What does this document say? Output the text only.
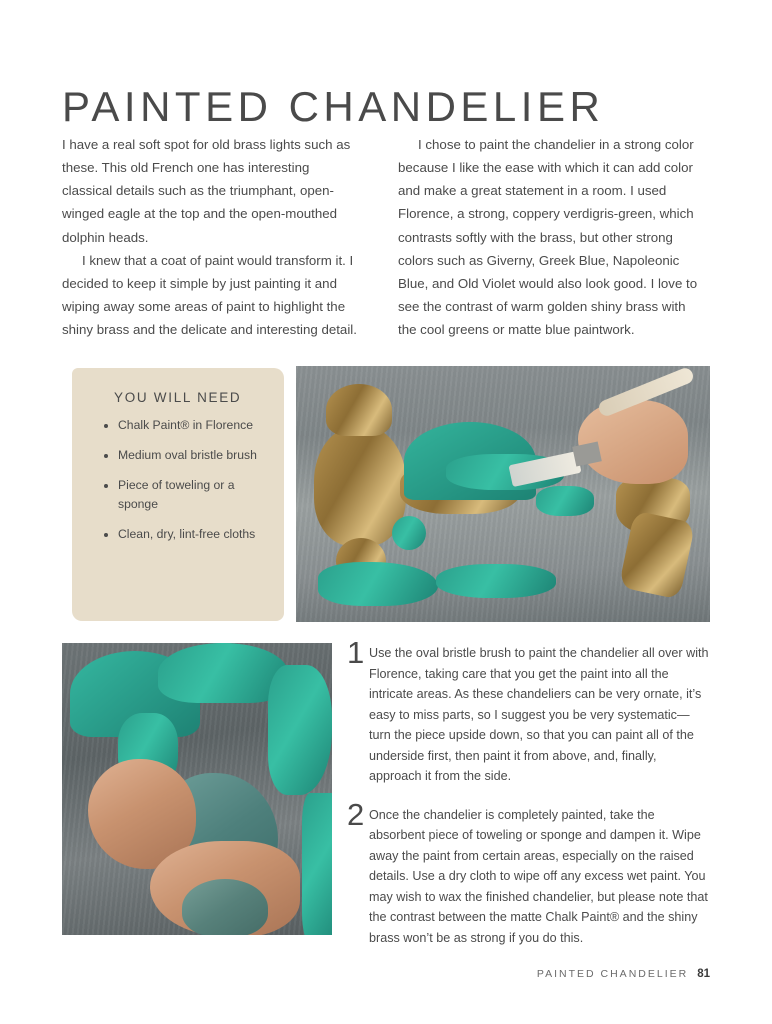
PAINTED CHANDELIER

I have a real soft spot for old brass lights such as these. This old French one has interesting classical details such as the triumphant, open-winged eagle at the top and the open-mouthed dolphin heads.

I knew that a coat of paint would transform it. I decided to keep it simple by just painting it and wiping away some areas of paint to highlight the shiny brass and the delicate and interesting detail.

I chose to paint the chandelier in a strong color because I like the ease with which it can add color and make a great statement in a room. I used Florence, a strong, coppery verdigris-green, which contrasts softly with the brass, but other strong colors such as Giverny, Greek Blue, Napoleonic Blue, and Old Violet would also look good. I love to see the contrast of warm golden shiny brass with the cool greens or matte blue paintwork.

YOU WILL NEED
• Chalk Paint® in Florence
• Medium oval bristle brush
• Piece of toweling or a sponge
• Clean, dry, lint-free cloths
1 Use the oval bristle brush to paint the chandelier all over with Florence, taking care that you get the paint into all the intricate areas. As these chandeliers can be very ornate, it’s easy to miss parts, so I suggest you be very systematic—turn the piece upside down, so that you can paint all of the underside first, then paint it from above, and, finally, approach it from the side.

2 Once the chandelier is completely painted, take the absorbent piece of toweling or sponge and dampen it. Wipe away the paint from certain areas, especially on the raised details. Use a dry cloth to wipe off any excess wet paint. You may wish to wax the finished chandelier, but please note that the contrast between the matte Chalk Paint® and the shiny brass won’t be as strong if you do this.

PAINTED CHANDELIER 81
